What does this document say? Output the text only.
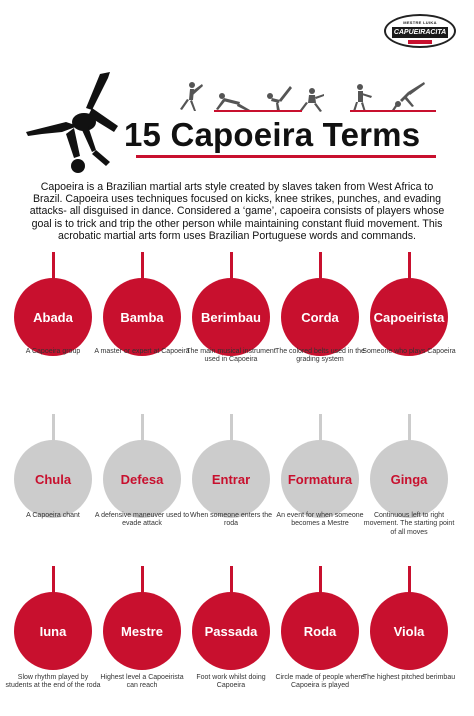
MESTRE LUIKA
CAPUEIRACITA
15 Capoeira Terms
Capoeira is a Brazilian martial arts style created by slaves taken from West Africa to Brazil. Capoeira uses techniques focused on kicks, knee strikes, punches, and evading attacks- all disguised in dance. Considered a ‘game’, capoeira consists of players whose goal is to trick and trip the other person while maintaining constant fluid movement. This acrobatic martial arts form uses Brazilian Portuguese words and commands.
Abada
A Capoeira group
Bamba
A master or expert at Capoeira
Berimbau
The main musical instrument used in Capoeira
Corda
The colored belts used in the grading system
Capoeirista
Someone who plays Capoeira
Chula
A Capoeira chant
Defesa
A defensive maneuver used to evade attack
Entrar
When someone enters the roda
Formatura
An event for when someone becomes a Mestre
Ginga
Continuous left to right movement. The starting point of all moves
Iuna
Slow rhythm played by students at the end of the roda
Mestre
Highest level a Capoeirista can reach
Passada
Foot work whilst doing Capoeira
Roda
Circle made of people where Capoeira is played
Viola
The highest pitched berimbau
